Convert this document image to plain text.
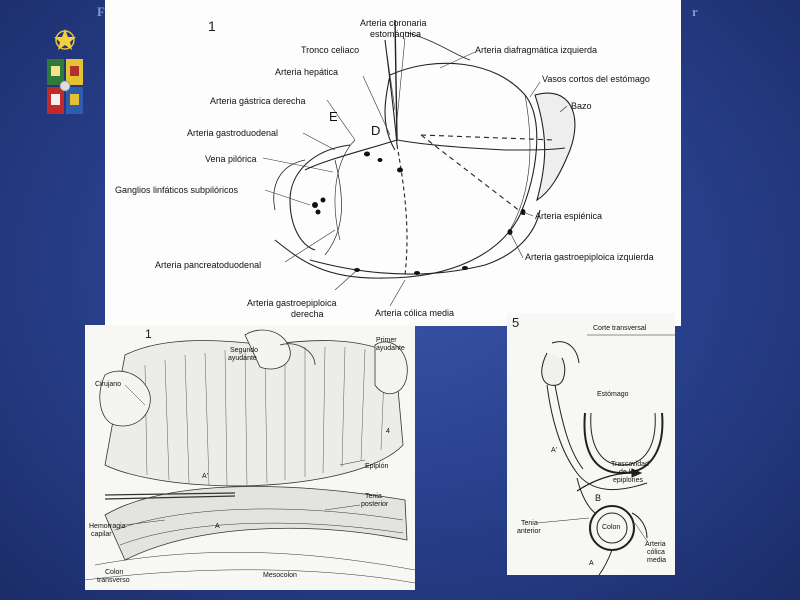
F	r
1
E
D
Arteria coronaria
estomáquica
Tronco celiaco	Arteria diafragmática izquierda
Arteria hepática
Vasos cortos del estómago
Bazo
Arteria gástrica derecha
Arteria gastroduodenal
Vena pilórica
Ganglios linfáticos subpilóricos
Arteria espiénica
Arteria gastroepiploica izquierda
Arteria pancreatoduodenal
Arteria gastroepiploica
derecha	Arteria cólica media
1
Segundo
ayudante
Primer
ayudante
Cirujano
4
Epiplón
A'
Tenia
posterior
A
Hemorragia
capilar
Colon
transverso
Mesocolon
5	Corte transversal
Estómago
A'
Trascavidad
de los
epiplones
B
Tenia
anterior
Colon
Arteria
cólica
media
A
